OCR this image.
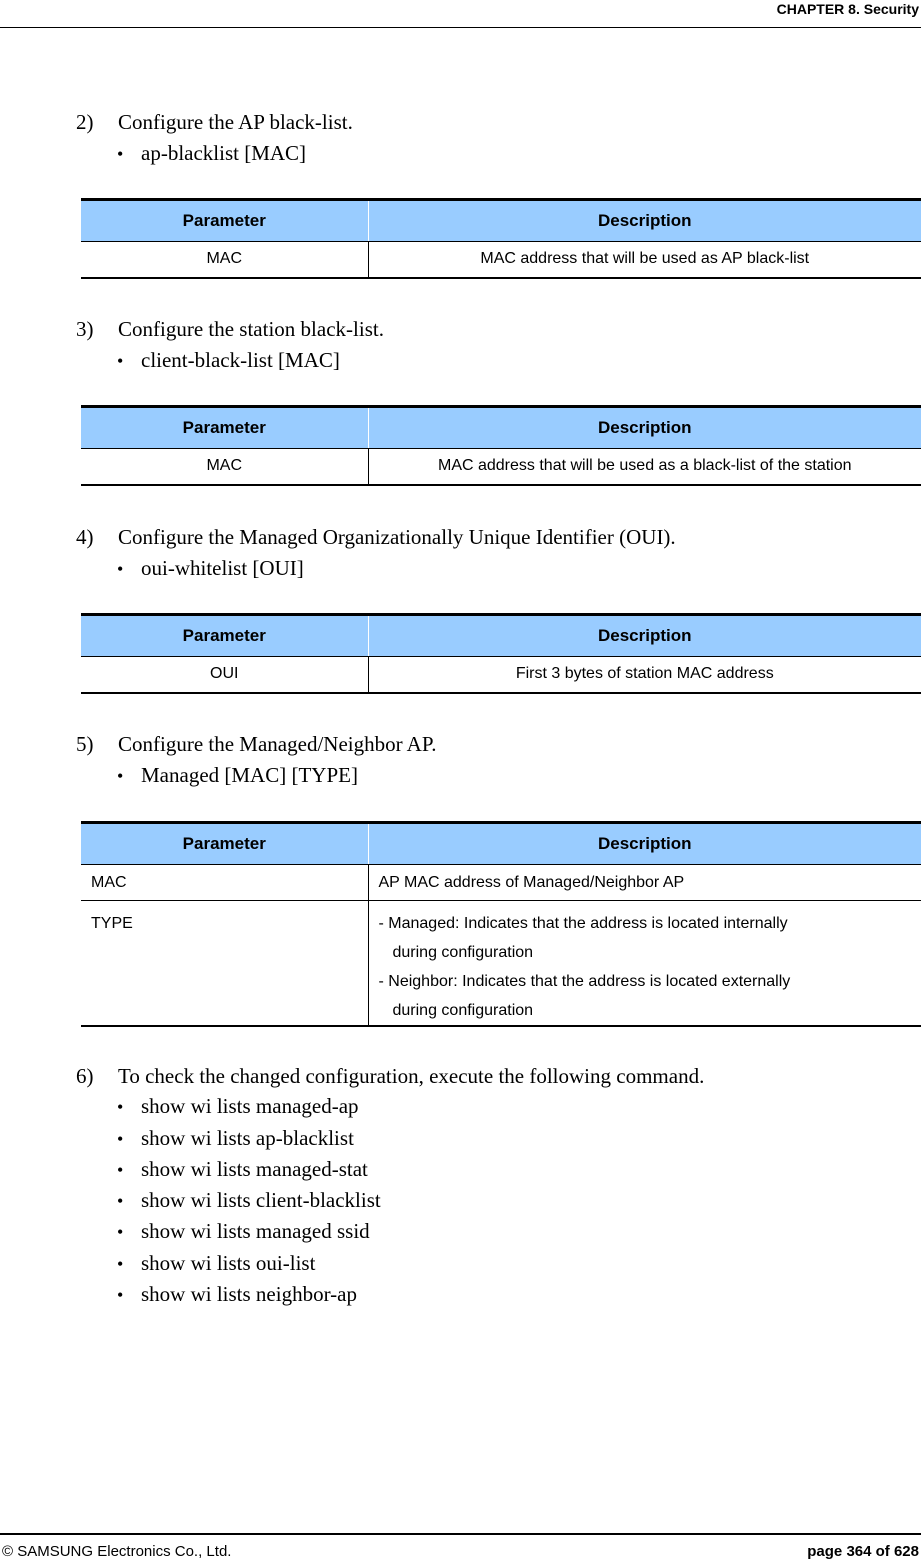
CHAPTER 8. Security
2) Configure the AP black-list.
• ap-blacklist [MAC]
Parameter	Description
MAC	MAC address that will be used as AP black-list
3) Configure the station black-list.
• client-black-list [MAC]
Parameter	Description
MAC	MAC address that will be used as a black-list of the station
4) Configure the Managed Organizationally Unique Identifier (OUI).
• oui-whitelist [OUI]
Parameter	Description
OUI	First 3 bytes of station MAC address
5) Configure the Managed/Neighbor AP.
• Managed [MAC] [TYPE]
Parameter	Description
MAC	AP MAC address of Managed/Neighbor AP
TYPE	- Managed: Indicates that the address is located internally
during configuration
- Neighbor: Indicates that the address is located externally
during configuration
6) To check the changed configuration, execute the following command.
• show wi lists managed-ap
• show wi lists ap-blacklist
• show wi lists managed-stat
• show wi lists client-blacklist
• show wi lists managed ssid
• show wi lists oui-list
• show wi lists neighbor-ap
© SAMSUNG Electronics Co., Ltd.	page 364 of 628
